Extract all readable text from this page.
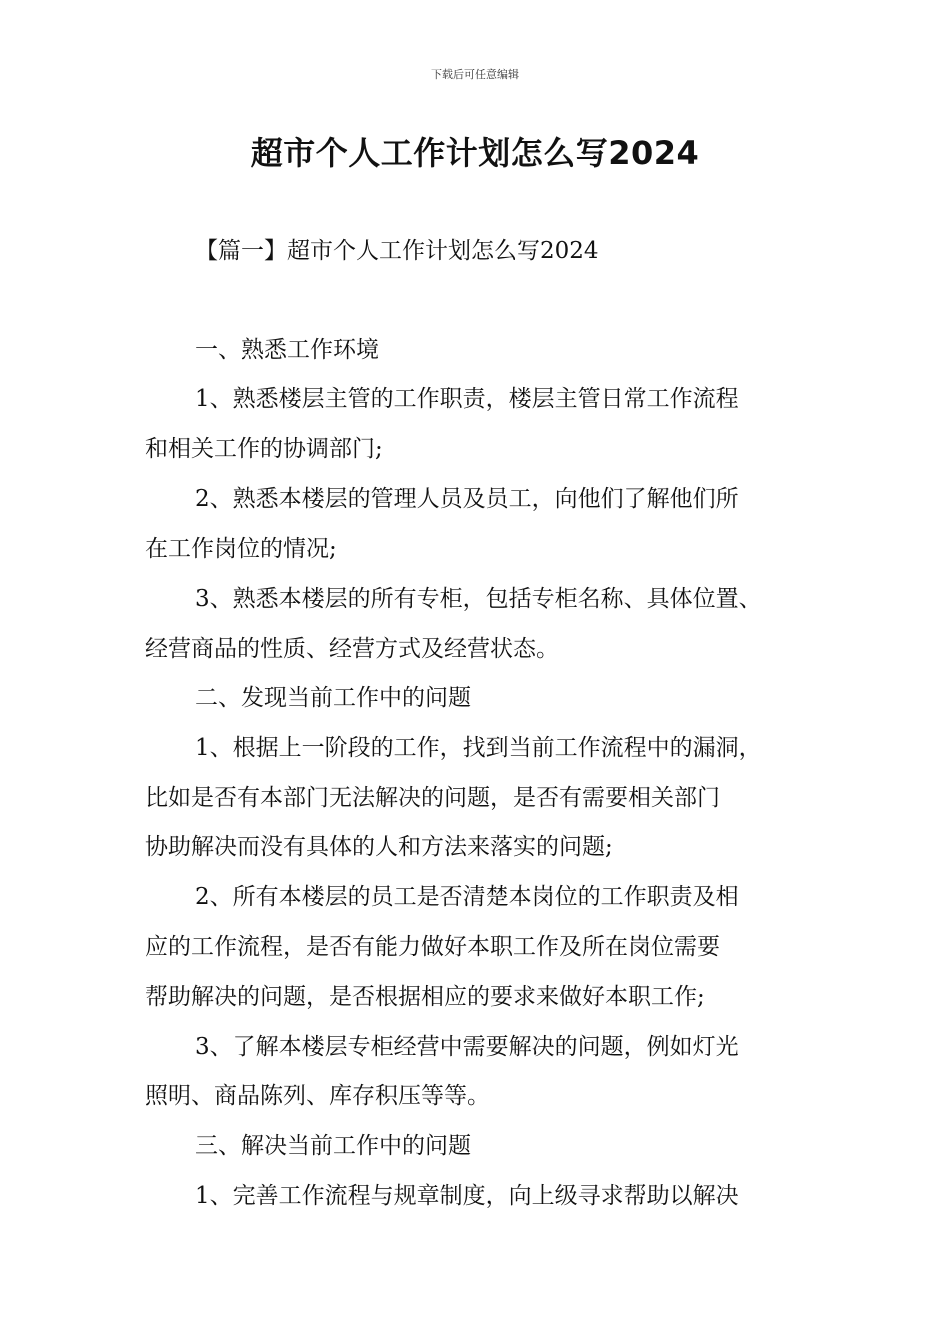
下载后可任意编辑
超市个人工作计划怎么写2024
【篇一】超市个人工作计划怎么写2024
一、熟悉工作环境
1、熟悉楼层主管的工作职责，楼层主管日常工作流程
和相关工作的协调部门;
2、熟悉本楼层的管理人员及员工，向他们了解他们所
在工作岗位的情况;
3、熟悉本楼层的所有专柜，包括专柜名称、具体位置、
经营商品的性质、经营方式及经营状态。
二、发现当前工作中的问题
1、根据上一阶段的工作，找到当前工作流程中的漏洞，
比如是否有本部门无法解决的问题，是否有需要相关部门
协助解决而没有具体的人和方法来落实的问题;
2、所有本楼层的员工是否清楚本岗位的工作职责及相
应的工作流程，是否有能力做好本职工作及所在岗位需要
帮助解决的问题，是否根据相应的要求来做好本职工作;
3、了解本楼层专柜经营中需要解决的问题，例如灯光
照明、商品陈列、库存积压等等。
三、解决当前工作中的问题
1、完善工作流程与规章制度，向上级寻求帮助以解决
